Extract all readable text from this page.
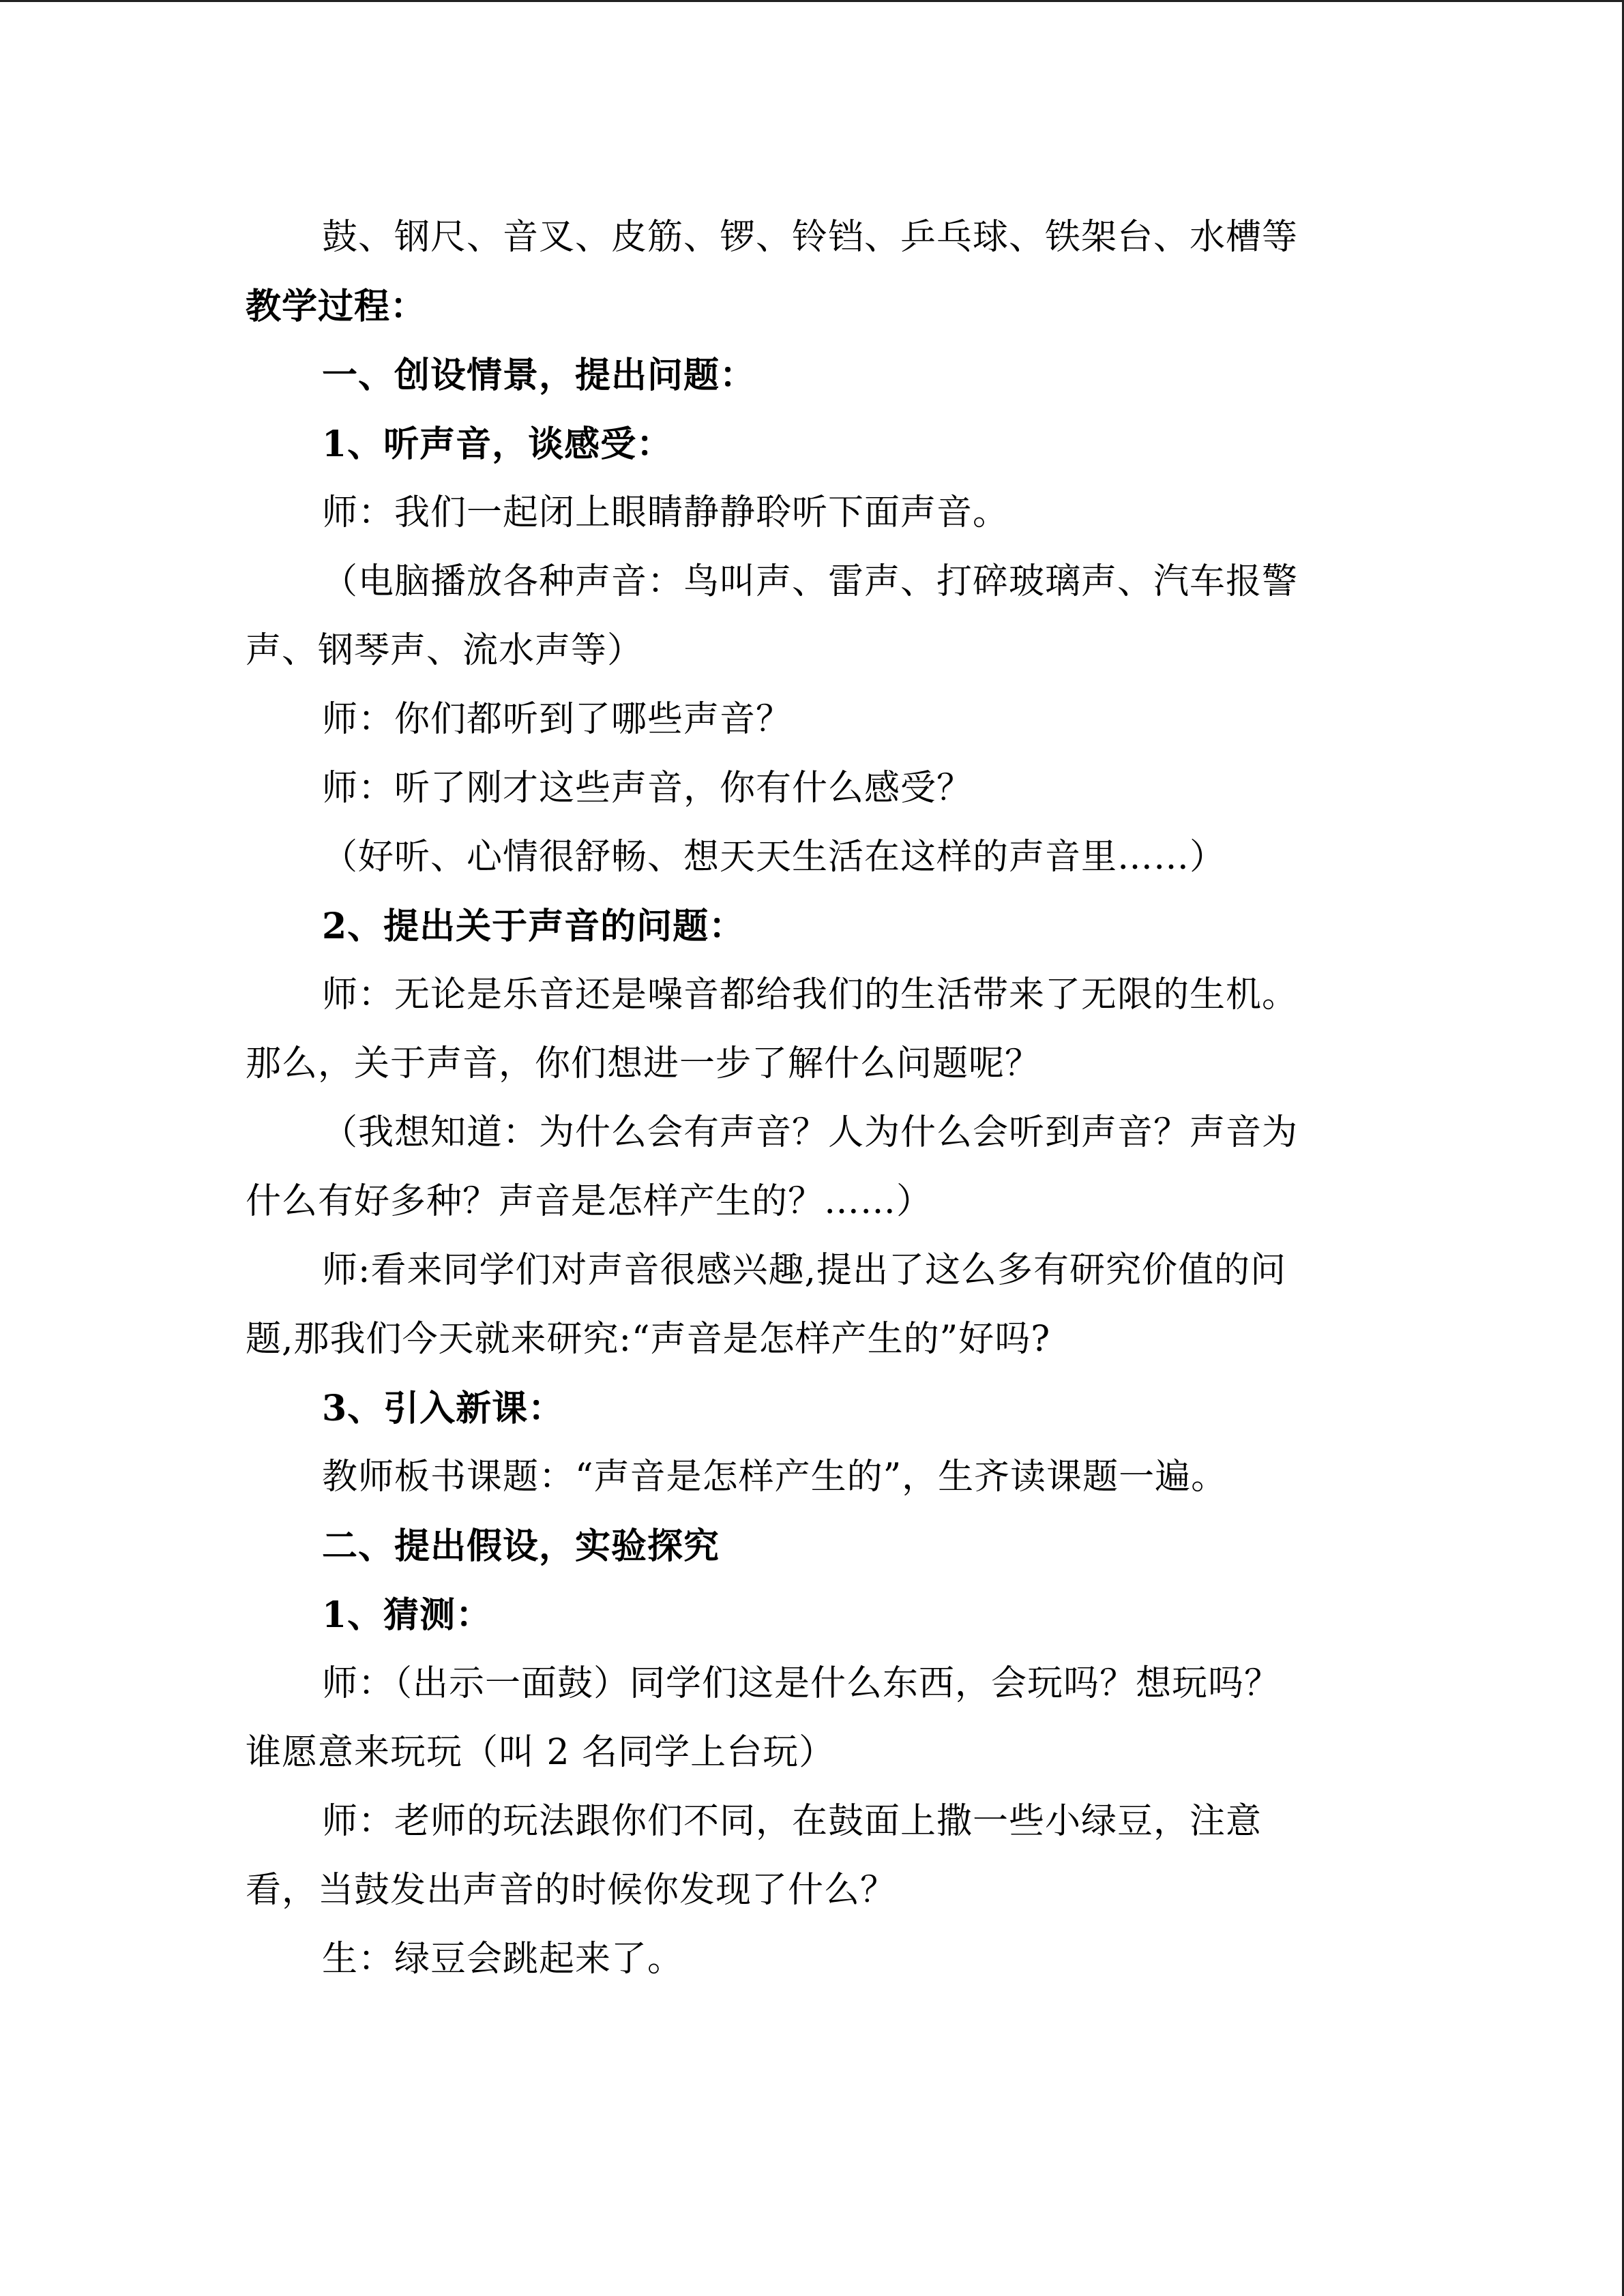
鼓、钢尺、音叉、皮筋、锣、铃铛、乒乓球、铁架台、水槽等
教学过程：
一、创设情景，提出问题：
1、听声音，谈感受：
师：我们一起闭上眼睛静静聆听下面声音。
（电脑播放各种声音：鸟叫声、雷声、打碎玻璃声、汽车报警
声、钢琴声、流水声等）
师：你们都听到了哪些声音？
师：听了刚才这些声音，你有什么感受？
（好听、心情很舒畅、想天天生活在这样的声音里……）
2、提出关于声音的问题：
师：无论是乐音还是噪音都给我们的生活带来了无限的生机。
那么，关于声音，你们想进一步了解什么问题呢？
（我想知道：为什么会有声音？人为什么会听到声音？声音为
什么有好多种？声音是怎样产生的？……）
师:看来同学们对声音很感兴趣,提出了这么多有研究价值的问
题,那我们今天就来研究:“声音是怎样产生的”好吗?
3、引入新课：
教师板书课题：“声音是怎样产生的”，生齐读课题一遍。
二、提出假设，实验探究
1、猜测：
师：（出示一面鼓）同学们这是什么东西，会玩吗？想玩吗？
谁愿意来玩玩（叫 2 名同学上台玩）
师：老师的玩法跟你们不同，在鼓面上撒一些小绿豆，注意
看，当鼓发出声音的时候你发现了什么？
生：绿豆会跳起来了。
